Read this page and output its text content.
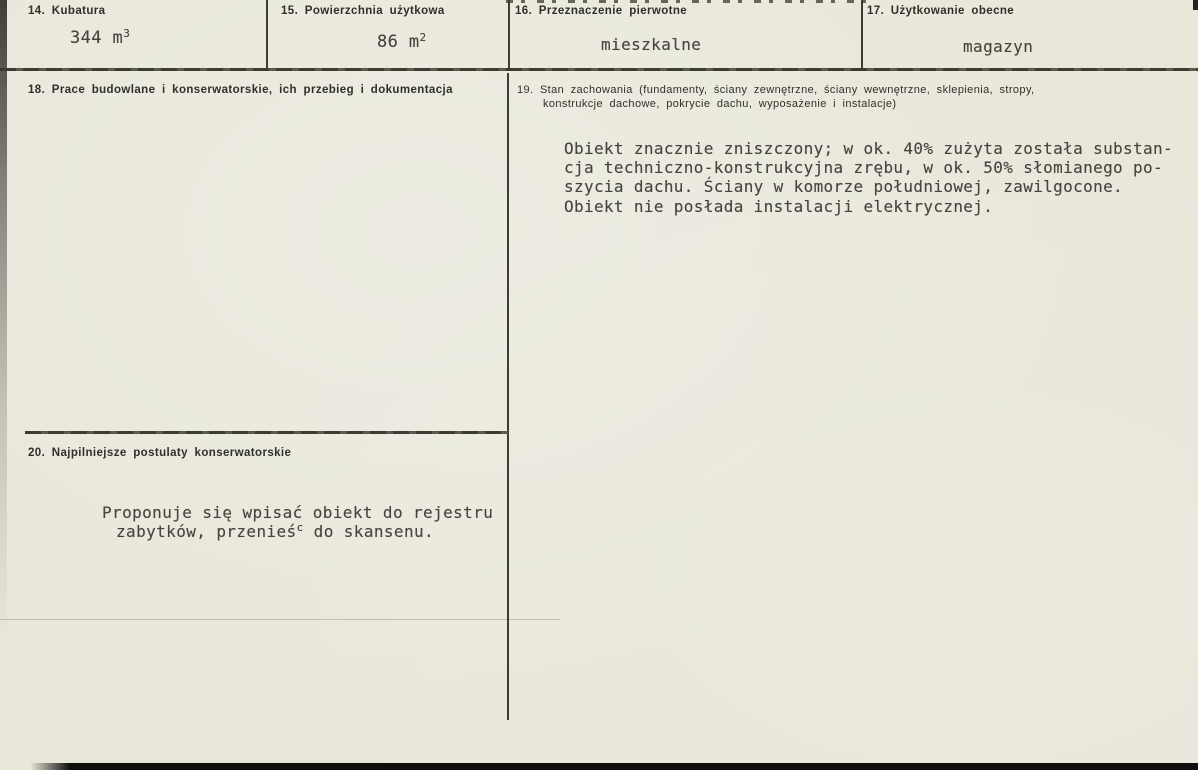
14. Kubatura
344 $m^3$
15. Powierzchnia użytkowa
86 $m^2$
16. Przeznaczenie pierwotne
mieszkalne
17. Użytkowanie obecne
magazyn
18. Prace budowlane i konserwatorskie, ich przebieg i dokumentacja	19. Stan zachowania (fundamenty, ściany zewnętrzne, ściany wewnętrzne, sklepienia, stropy,
konstrukcje dachowe, pokrycie dachu, wyposażenie i instalacje)
Obiekt znacznie zniszczony; w ok. 40% zużyta została substan-
cja techniczno-konstrukcyjna zrębu, w ok. 50% słomianego po-
szycia dachu. Ściany w komorze południowej, zawilgocone.
Obiekt nie posłada instalacji elektrycznej.
20. Najpilniejsze postulaty konserwatorskie
Proponuje się wpisać obiekt do rejestru
zabytków, przenieś$^c$ do skansenu.
